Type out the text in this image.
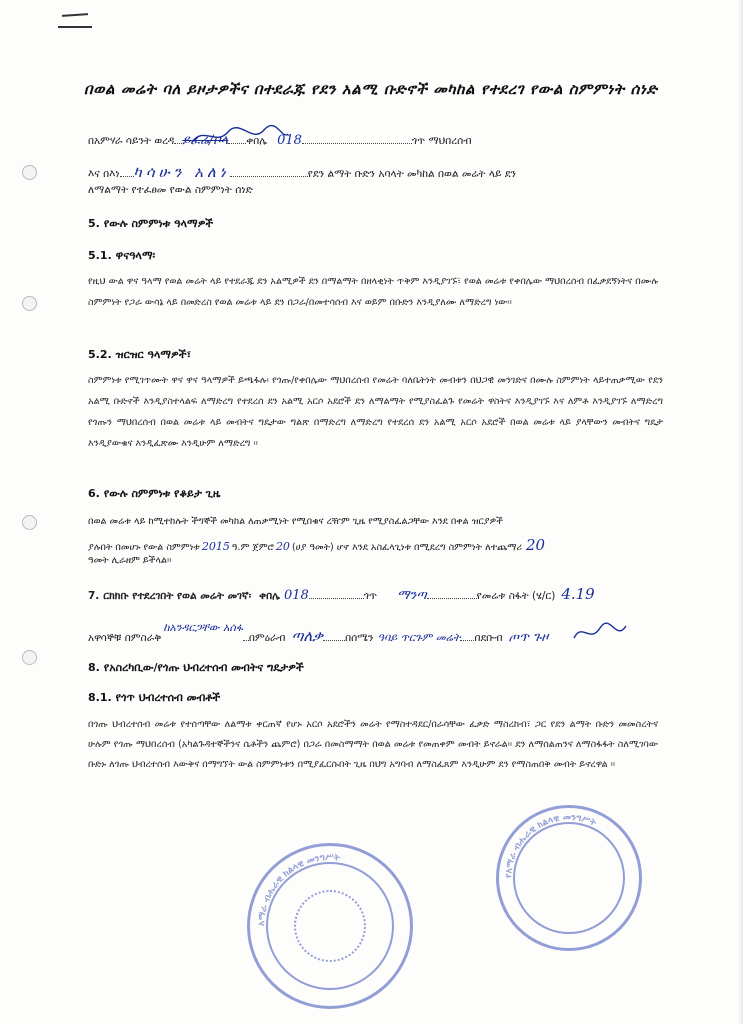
በወል መሬት ባለ ይዞታዎችና በተደራጁ የደን አልሚ ቡድኖች መካከል የተደረገ የውል ስምምነት ሰነድ
በአምሃራ ሳይንት ወረዳ ይፈሬ/ቦላ ቀበሌ 018	ጎጥ ማህበረሰብ
እና በእነ ካሳሁን አለነ	የደን ልማት ቡድን አባላት መካከል በወል መሬት ላይ ደን
ለማልማት የተፈፀመ የውል ስምምነት ሰነድ
5. የውሉ ስምምነቱ ዓላማዎች
5.1. ዋናዓላማ፡
የዚህ ውል ዋና ዓላማ የወል መሬት ላይ የተደራጁ ደን አልሚዎች ደን በማልማት በዘላቂነት ጥቅም እንዲያገኙ፣ የወል መሬቱ የቀበሌው ማህበረሰብ በፈቃደኝነትና በሙሉ ስምምነት የጋራ ውሳኔ ላይ በመድረስ የወል መሬቱ ላይ ደን በጋራ/በመተሳሰብ እና ወይም በቡድን እንዲያለሙ ለማድረግ ነው፡፡
5.2. ዝርዝር ዓላማዎች፣
ስምምነቱ የሚገጥሙት ዋና ዋና ዓላማዎች ይጫፋሉ፡ የጎጡ/የቀበሌው ማህበረሰብ የመሬት ባለቤትነት መብቱን በህጋዊ መንገድና በሙሉ ስምምነት ላይተጠቃሚው የደን አልሚ ቡድኖች እንዲያስተላልፍ ለማድረግ የተደረሰ ደን አልሚ አርሶ አደሮች ደን ለማልማት የሚያስፈልጉ የመሬት ዋስትና እንዲያገኙ እና ለምቶ እንዲያገኙ ለማድረግ የጎጡን ማህበረሰብ በወል መሬቱ ላይ መብትና ግዴታው ግልጽ በማድረግ ለማድረግ የተደረሰ ደን አልሚ አርሶ አደሮች በወል መሬቱ ላይ ያላቸውን መብትና ግዴታ እንዲያውቁና እንዲፈጽሙ እንዲሁም ለማድረግ ፡፡
6. የውሉ ስምምነቱ የቆይታ ጊዜ
በወል መሬቱ ላይ ከሚተከሉት ችግኞች መካከል ለጠቃሚነት የሚበቁና ረዥም ጊዜ የሚያስፈልጋቸው እንደ በቀል ዝርያዎች
ያሉበት በመሆኑ የውል ስምምነቱ 2015 ዓ.ም ጀምሮ 20 (ሀያ ዓመት) ሆኖ እንደ አስፈላጊነቱ በሚደረግ ስምምነት ለተጨማሪ 20
ዓመት ሊራዘም ይችላል፡፡
7. ርክክቡ የተደረገበት የወል መሬት መገኛ፡ ቀበሌ 018	ጎጥ ማንጣ	የመሬቱ ስፋት (ሄ/ር) 4.19
አዋሳኞቹ በምስራቅከአንዳርጋቸው አሰፋበምዕራብ ጣለቃ በሰሜን ዓባይ ጥርጉም መሬት በደቡብ ጦጥ ጉዞ
8. የአስረካቢው/የጎጡ ህብረተሰብ መብትና ግዴታዎች
8.1. የጎጥ ህብረተሰብ መብቶች
በጎጡ ህብረተሰብ መሬቱ የተሰጣቸው ለልማቱ ቀርጠኛ የሆኑ አርሶ አደሮችን መሬት የማስተዳደር/በራሳቸው ፈቃድ ማስረከብ፣ ጋር የደን ልማት ቡድን መመስረትና ሁሉም የጎጡ ማህበረሰብ (አካልጉዳተኞችንና ሴቶችን ጨምሮ) በጋራ በመስማማት በወል መሬቱ የመጠቀም መብት ይኖራል፡፡ ደን ለማሰልጠንና ለማስፋፋት ስለሚገባው ቡድኑ ለጎጡ ህብረተሰብ እውቅና በማግኘት ውል ስምምነቱን በሚያፈርሱበት ጊዜ በህግ አግባብ ለማስፈጸም እንዲሁም ደን የማስጠበቅ መብት ይኖረዋል ፡፡
አማራ ብሔራዊ ክልላዊ መንግሥት
የአማራ ብሔራዊ ክልላዊ መንግሥት
